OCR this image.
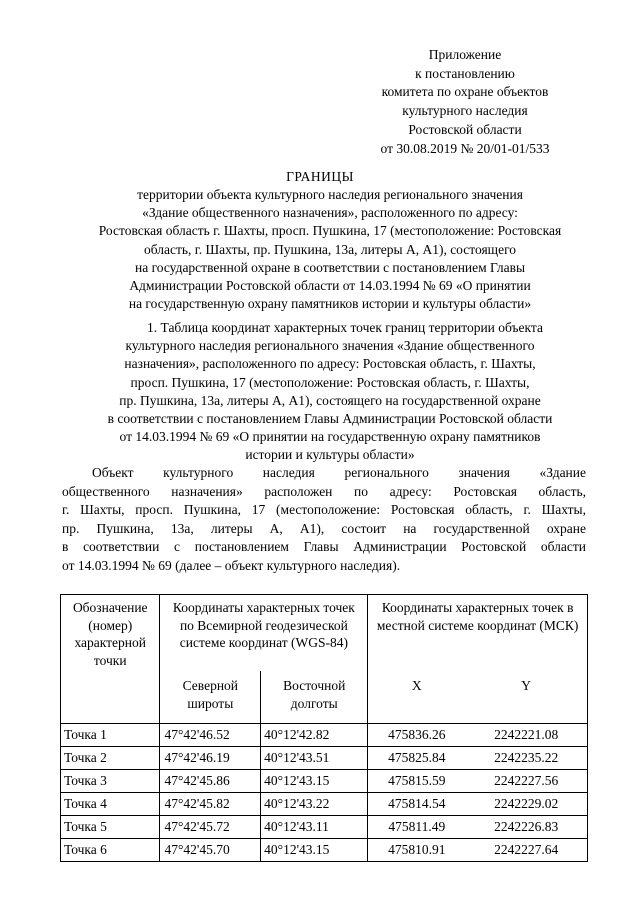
Приложение
к постановлению
комитета по охране объектов
культурного наследия
Ростовской области
от 30.08.2019 № 20/01-01/533
ГРАНИЦЫ
территории объекта культурного наследия регионального значения
«Здание общественного назначения», расположенного по адресу:
Ростовская область г. Шахты, просп. Пушкина, 17 (местоположение: Ростовская
область, г. Шахты, пр. Пушкина, 13а, литеры А, А1), состоящего
на государственной охране в соответствии с постановлением Главы
Администрации Ростовской области от 14.03.1994 № 69 «О принятии
на государственную охрану памятников истории и культуры области»
1. Таблица координат характерных точек границ территории объекта
культурного наследия регионального значения «Здание общественного
назначения», расположенного по адресу: Ростовская область, г. Шахты,
просп. Пушкина, 17 (местоположение: Ростовская область, г. Шахты,
пр. Пушкина, 13а, литеры А, А1), состоящего на государственной охране
в соответствии с постановлением Главы Администрации Ростовской области
от 14.03.1994 № 69 «О принятии на государственную охрану памятников
истории и культуры области»
Объект культурного наследия регионального значения «Здание
общественного назначения» расположен по адресу: Ростовская область,
г. Шахты, просп. Пушкина, 17 (местоположение: Ростовская область, г. Шахты,
пр. Пушкина, 13а, литеры А, А1), состоит на государственной охране
в соответствии с постановлением Главы Администрации Ростовской области
от 14.03.1994 № 69 (далее – объект культурного наследия).
Обозначение (номер) характерной точки	Координаты характерных точек по Всемирной геодезической системе координат (WGS-84)		Координаты характерных точек в местной системе координат (МСК)	
	Северной широты	Восточной долготы	X	Y
Точка 1	47°42'46.52	40°12'42.82	475836.26	2242221.08
Точка 2	47°42'46.19	40°12'43.51	475825.84	2242235.22
Точка 3	47°42'45.86	40°12'43.15	475815.59	2242227.56
Точка 4	47°42'45.82	40°12'43.22	475814.54	2242229.02
Точка 5	47°42'45.72	40°12'43.11	475811.49	2242226.83
Точка 6	47°42'45.70	40°12'43.15	475810.91	2242227.64
